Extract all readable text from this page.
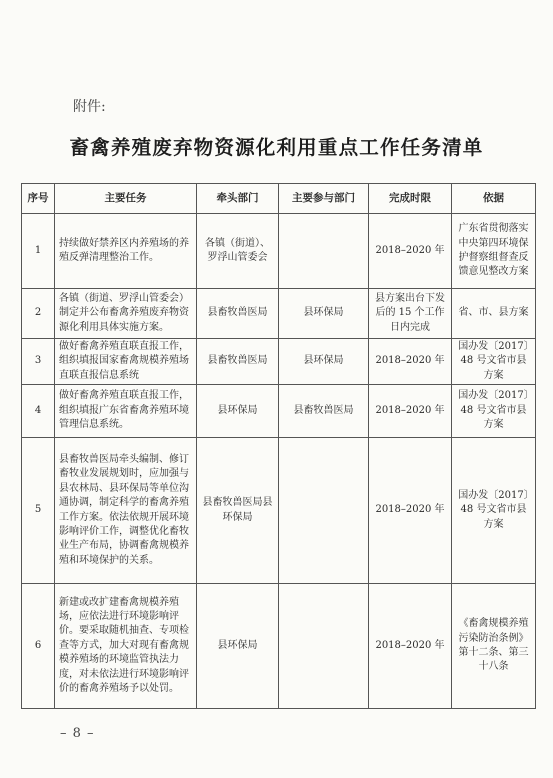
附件:
畜禽养殖废弃物资源化利用重点工作任务清单
序号	主要任务	牵头部门	主要参与部门	完成时限	依据
1	持续做好禁养区内养殖场的养殖反弹清理整治工作。	各镇（街道）、罗浮山管委会		2018–2020 年	广东省贯彻落实中央第四环境保护督察组督查反馈意见整改方案
2	各镇（街道、罗浮山管委会）制定并公布畜禽养殖废弃物资源化利用具体实施方案。	县畜牧兽医局	县环保局	县方案出台下发后的 15 个工作日内完成	省、市、县方案
3	做好畜禽养殖直联直报工作，组织填报国家畜禽规模养殖场直联直报信息系统	县畜牧兽医局	县环保局	2018–2020 年	国办发〔2017〕48 号文省市县方案
4	做好畜禽养殖直联直报工作，组织填报广东省畜禽养殖环境管理信息系统。	县环保局	县畜牧兽医局	2018–2020 年	国办发〔2017〕48 号文省市县方案
5	县畜牧兽医局牵头编制、修订畜牧业发展规划时，应加强与县农林局、县环保局等单位沟通协调，制定科学的畜禽养殖工作方案。依法依规开展环境影响评价工作，调整优化畜牧业生产布局，协调畜禽规模养殖和环境保护的关系。	县畜牧兽医局县环保局		2018–2020 年	国办发〔2017〕48 号文省市县方案
6	新建或改扩建畜禽规模养殖场，应依法进行环境影响评价。要采取随机抽查、专项检查等方式，加大对现有畜禽规模养殖场的环境监管执法力度，对未依法进行环境影响评价的畜禽养殖场予以处罚。	县环保局		2018–2020 年	《畜禽规模养殖污染防治条例》第十二条、第三十八条
– 8 –
